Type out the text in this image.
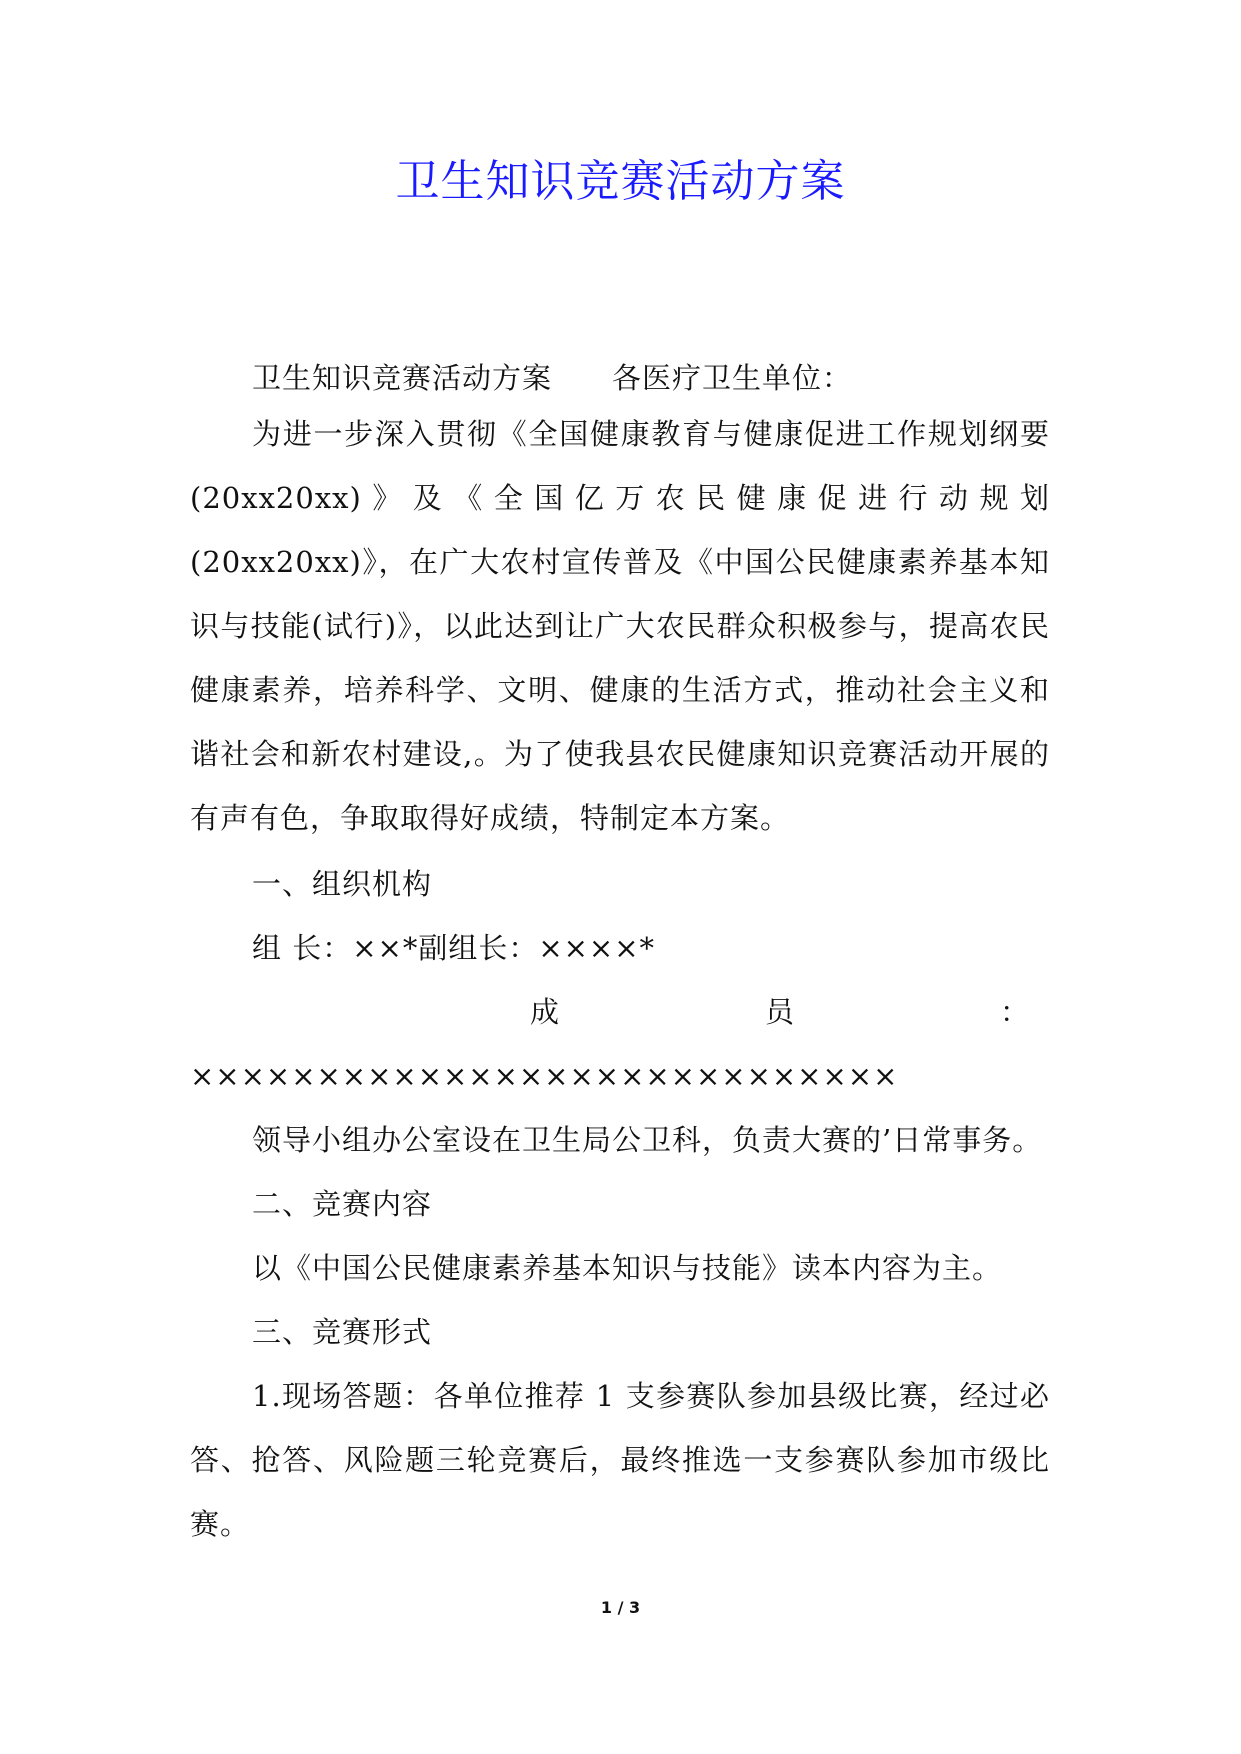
卫生知识竞赛活动方案

卫生知识竞赛活动方案 各医疗卫生单位：

为进一步深入贯彻《全国健康教育与健康促进工作规划纲要(20xx20xx)》及《全国亿万农民健康促进行动规划(20xx20xx)》，在广大农村宣传普及《中国公民健康素养基本知识与技能(试行)》，以此达到让广大农民群众积极参与，提高农民健康素养，培养科学、文明、健康的生活方式，推动社会主义和谐社会和新农村建设,。为了使我县农民健康知识竞赛活动开展的有声有色，争取取得好成绩，特制定本方案。

一、组织机构

组 长：××*副组长：××××*

成	员	：

××××××××××××××××××××××××××××

领导小组办公室设在卫生局公卫科，负责大赛的’日常事务。

二、竞赛内容

以《中国公民健康素养基本知识与技能》读本内容为主。

三、竞赛形式

1.现场答题：各单位推荐 1 支参赛队参加县级比赛，经过必答、抢答、风险题三轮竞赛后，最终推选一支参赛队参加市级比赛。

1 / 3
